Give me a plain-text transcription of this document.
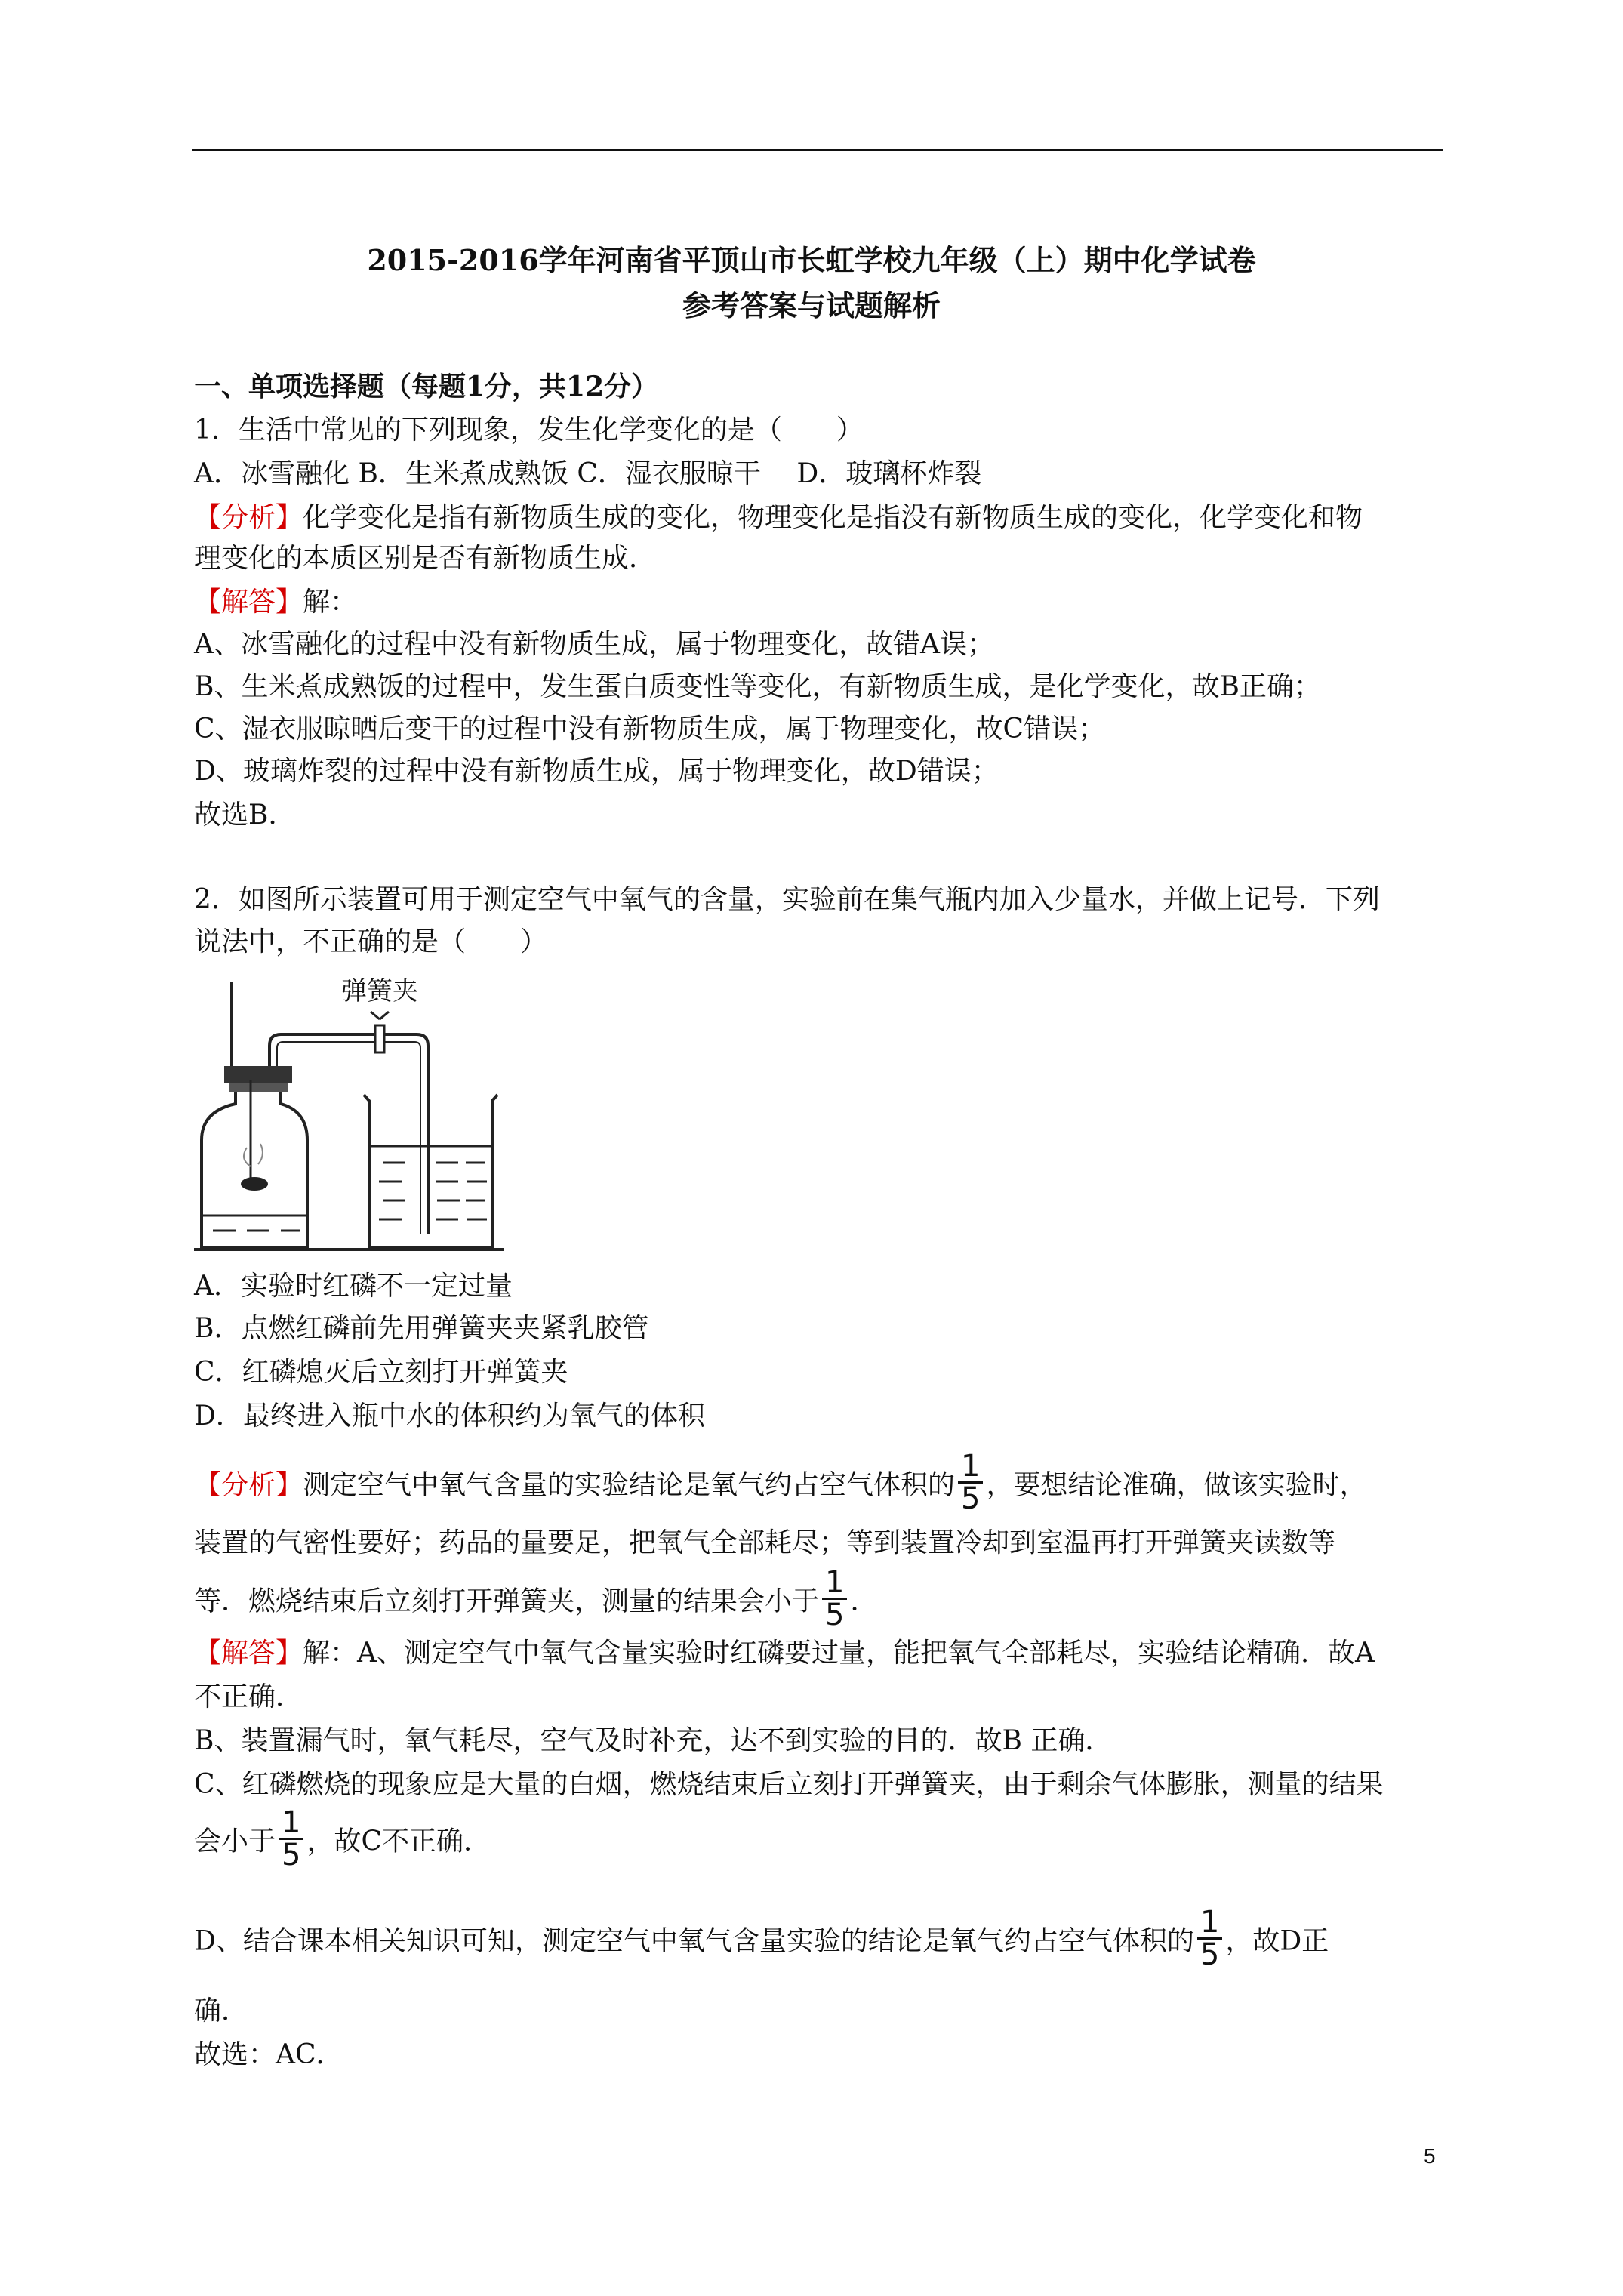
2015-2016学年河南省平顶山市长虹学校九年级（上）期中化学试卷
参考答案与试题解析
一、单项选择题（每题1分，共12分）
1．生活中常见的下列现象，发生化学变化的是（　　）
A．冰雪融化 B．生米煮成熟饭 C．湿衣服晾干　 D．玻璃杯炸裂
【分析】化学变化是指有新物质生成的变化，物理变化是指没有新物质生成的变化，化学变化和物
理变化的本质区别是否有新物质生成．
【解答】解：
A、冰雪融化的过程中没有新物质生成，属于物理变化，故错A误；
B、生米煮成熟饭的过程中，发生蛋白质变性等变化，有新物质生成，是化学变化，故B正确；
C、湿衣服晾晒后变干的过程中没有新物质生成，属于物理变化，故C错误；
D、玻璃炸裂的过程中没有新物质生成，属于物理变化，故D错误；
故选B．
2．如图所示装置可用于测定空气中氧气的含量，实验前在集气瓶内加入少量水，并做上记号．下列
说法中，不正确的是（　　）
弹簧夹
A．实验时红磷不一定过量
B．点燃红磷前先用弹簧夹夹紧乳胶管
C．红磷熄灭后立刻打开弹簧夹
D．最终进入瓶中水的体积约为氧气的体积
【分析】测定空气中氧气含量的实验结论是氧气约占空气体积的 $\frac{1}{5}$ ，要想结论准确，做该实验时，
装置的气密性要好；药品的量要足，把氧气全部耗尽；等到装置冷却到室温再打开弹簧夹读数等
等．燃烧结束后立刻打开弹簧夹，测量的结果会小于 $\frac{1}{5}$ ．
【解答】解：A、测定空气中氧气含量实验时红磷要过量，能把氧气全部耗尽，实验结论精确．故A
不正确．
B、装置漏气时，氧气耗尽，空气及时补充，达不到实验的目的．故B 正确．
C、红磷燃烧的现象应是大量的白烟，燃烧结束后立刻打开弹簧夹，由于剩余气体膨胀，测量的结果
会小于 $\frac{1}{5}$ ，故C不正确．
D、结合课本相关知识可知，测定空气中氧气含量实验的结论是氧气约占空气体积的 $\frac{1}{5}$ ，故D正
确．
故选：AC．
5
